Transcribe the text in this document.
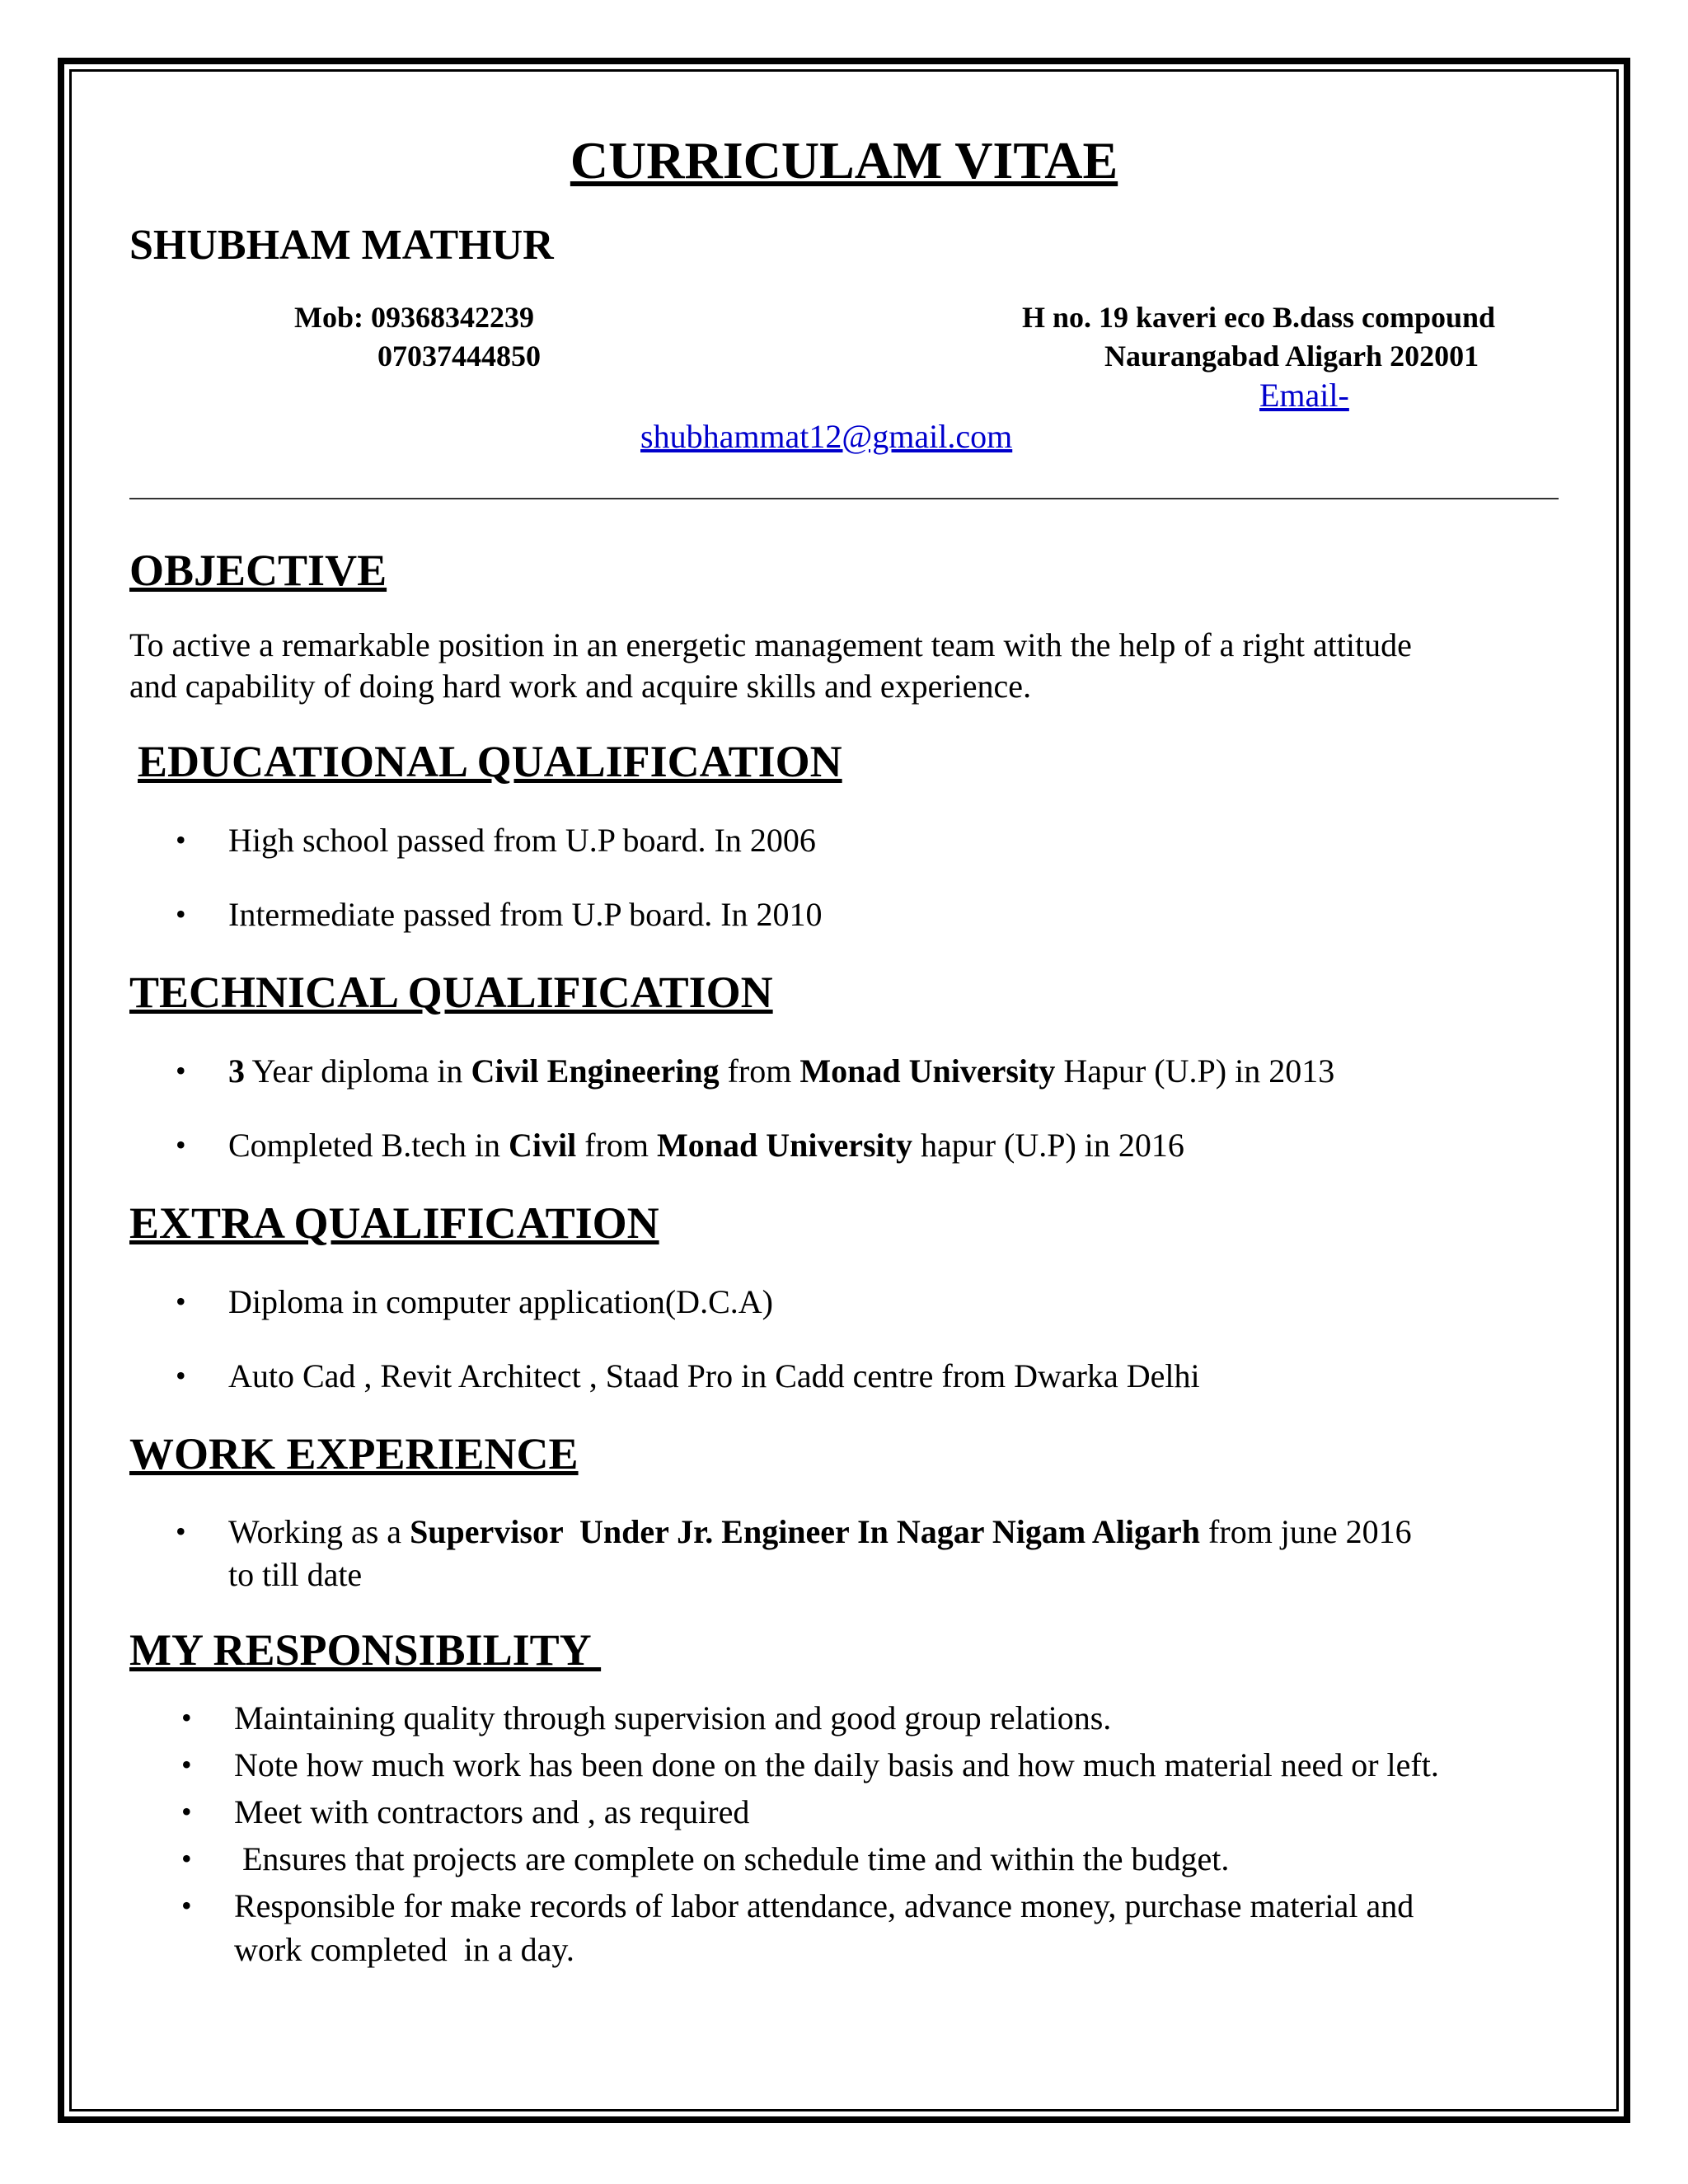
CURRICULAM VITAE
SHUBHAM MATHUR
Mob: 09368342239
07037444850
H no. 19 kaveri eco B.dass compound
Naurangabad Aligarh 202001
Email-
shubhammat12@gmail.com
OBJECTIVE

To active a remarkable position in an energetic management team with the help of a right attitude

and capability of doing hard work and acquire skills and experience.

EDUCATIONAL QUALIFICATION
• High school passed from U.P board. In 2006
• Intermediate passed from U.P board. In 2010
TECHNICAL QUALIFICATION
• 3 Year diploma in Civil Engineering from Monad University Hapur (U.P) in 2013
• Completed B.tech in Civil from Monad University hapur (U.P) in 2016
EXTRA QUALIFICATION
• Diploma in computer application(D.C.A)
• Auto Cad , Revit Architect , Staad Pro in Cadd centre from Dwarka Delhi
WORK EXPERIENCE
• Working as a Supervisor  Under Jr. Engineer In Nagar Nigam Aligarh from june 2016
to till date
MY RESPONSIBILITY
• Maintaining quality through supervision and good group relations.
• Note how much work has been done on the daily basis and how much material need or left.
• Meet with contractors and , as required
• Ensures that projects are complete on schedule time and within the budget.
• Responsible for make records of labor attendance, advance money, purchase material and
work completed  in a day.
